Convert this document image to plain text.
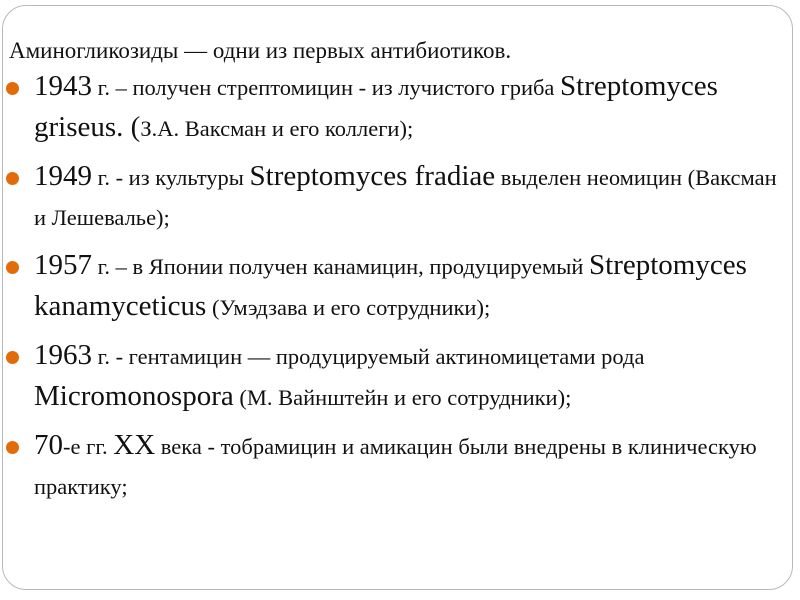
Аминогликозиды — одни из первых антибиотиков.
1943 г. – получен стрептомицин - из лучистого гриба Streptomyces griseus. (З.А. Ваксман и его коллеги);
1949 г. - из культуры Streptomyces fradiae выделен неомицин (Ваксман и Лешевалье);
1957 г. – в Японии получен канамицин, продуцируемый Streptomyces kanamyceticus (Умэдзава и его сотрудники);
1963 г. - гентамицин — продуцируемый актиномицетами рода Micromonospora (М. Вайнштейн и его сотрудники);
70-е гг. XX века - тобрамицин и амикацин были внедрены в клиническую практику;
